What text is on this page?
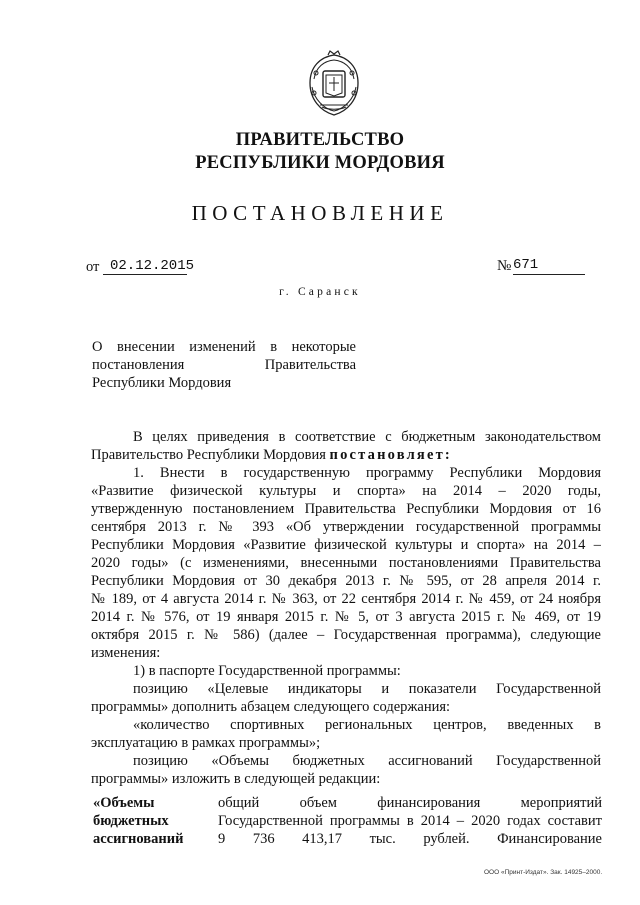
ПРАВИТЕЛЬСТВО
РЕСПУБЛИКИ МОРДОВИЯ
ПОСТАНОВЛЕНИЕ
от 02.12.2015	№ 671
г. Саранск
О внесении изменений в некоторые
постановления Правительства
Республики Мордовия
В целях приведения в соответствие с бюджетным законодательством
Правительство Республики Мордовия постановляет:
1. Внести в государственную программу Республики Мордовия
«Развитие физической культуры и спорта» на 2014 – 2020 годы,
утвержденную постановлением Правительства Республики Мордовия от 16
сентября 2013 г. № 393 «Об утверждении государственной программы
Республики Мордовия «Развитие физической культуры и спорта» на 2014 –
2020 годы» (с изменениями, внесенными постановлениями Правительства
Республики Мордовия от 30 декабря 2013 г. № 595, от 28 апреля 2014 г.
№ 189, от 4 августа 2014 г. № 363, от 22 сентября 2014 г. № 459, от 24 ноября
2014 г. № 576, от 19 января 2015 г. № 5, от 3 августа 2015 г. № 469, от 19
октября 2015 г. № 586) (далее – Государственная программа), следующие
изменения:
1) в паспорте Государственной программы:
позицию «Целевые индикаторы и показатели Государственной
программы» дополнить абзацем следующего содержания:
«количество спортивных региональных центров, введенных в
эксплуатацию в рамках программы»;
позицию «Объемы бюджетных ассигнований Государственной
программы» изложить в следующей редакции:
«Объемы
бюджетных
ассигнований
общий объем финансирования мероприятий
Государственной программы в 2014 – 2020 годах составит
9 736 413,17 тыс. рублей. Финансирование
ООО «Принт-Издат». Зак. 14925–2000.
